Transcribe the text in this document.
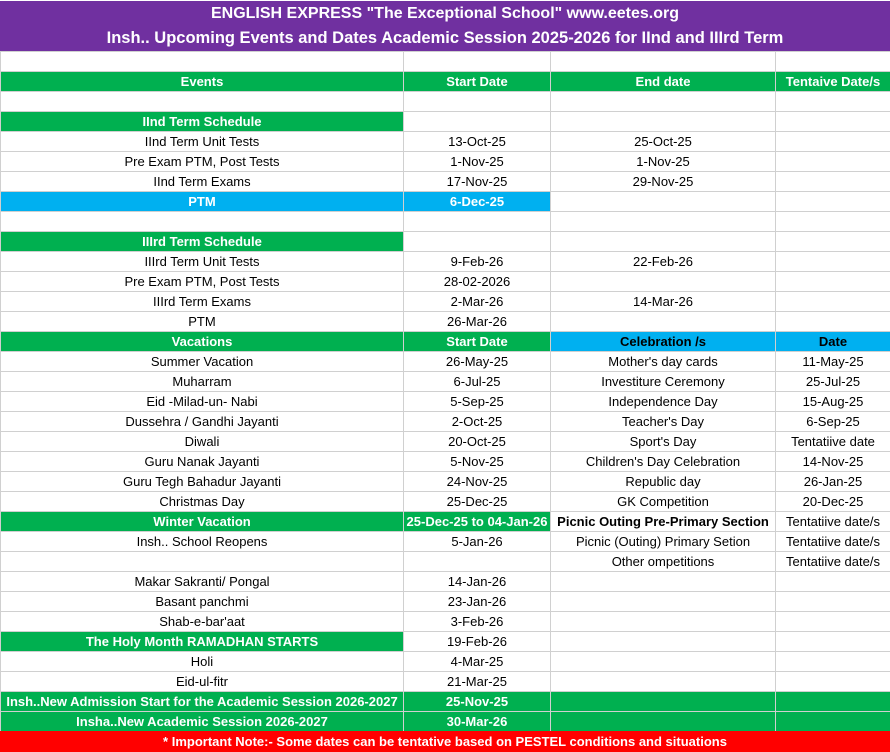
ENGLISH EXPRESS "The Exceptional School" www.eetes.org
Insh.. Upcoming Events and Dates Academic Session 2025-2026 for IInd and IIIrd Term

Events	Start Date	End date	Tentaive Date/s

IInd Term Schedule			
IInd Term Unit Tests	13-Oct-25	25-Oct-25	
Pre Exam PTM, Post Tests	1-Nov-25	1-Nov-25	
IInd Term Exams	17-Nov-25	29-Nov-25	
PTM	6-Dec-25		

IIIrd Term Schedule			
IIIrd Term Unit Tests	9-Feb-26	22-Feb-26	
Pre Exam PTM, Post Tests	28-02-2026		
IIIrd Term Exams	2-Mar-26	14-Mar-26	
PTM	26-Mar-26		
Vacations	Start Date	Celebration /s	Date
Summer Vacation	26-May-25	Mother's day cards	11-May-25
Muharram	6-Jul-25	Investiture Ceremony	25-Jul-25
Eid -Milad-un- Nabi	5-Sep-25	Independence Day	15-Aug-25
Dussehra / Gandhi Jayanti	2-Oct-25	Teacher's Day	6-Sep-25
Diwali	20-Oct-25	Sport's Day	Tentatiive date
Guru Nanak Jayanti	5-Nov-25	Children's Day Celebration	14-Nov-25
Guru Tegh Bahadur Jayanti	24-Nov-25	Republic day	26-Jan-25
Christmas Day	25-Dec-25	GK Competition	20-Dec-25
Winter Vacation	25-Dec-25 to 04-Jan-26	Picnic Outing Pre-Primary Section	Tentatiive date/s
Insh.. School Reopens	5-Jan-26	Picnic (Outing) Primary Setion	Tentatiive date/s
		Other ompetitions	Tentatiive date/s
Makar Sakranti/ Pongal	14-Jan-26		
Basant panchmi	23-Jan-26		
Shab-e-bar'aat	3-Feb-26		
The Holy Month RAMADHAN STARTS	19-Feb-26		
Holi	4-Mar-25		
Eid-ul-fitr	21-Mar-25		
Insh..New Admission Start for the Academic Session 2026-2027	25-Nov-25		
Insha..New Academic Session 2026-2027	30-Mar-26		
* Important Note:- Some dates can be tentative based on PESTEL conditions and situations
